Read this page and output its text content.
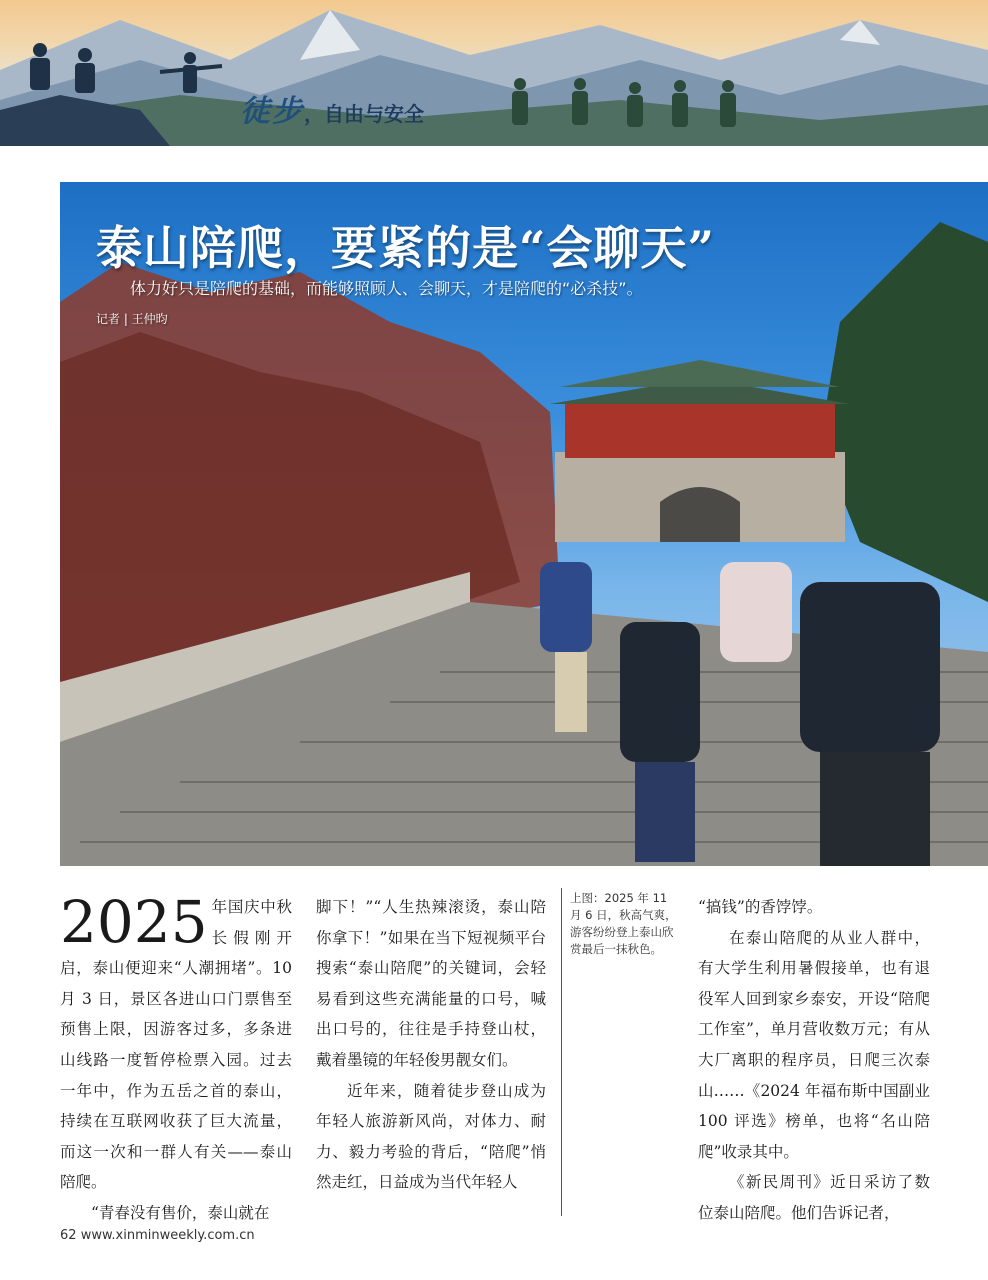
徒步，自由与安全
泰山陪爬，要紧的是“会聊天”
体力好只是陪爬的基础，而能够照顾人、会聊天，才是陪爬的“必杀技”。
记者 | 王仲昀

2025 年国庆中秋长假刚开启，泰山便迎来“人潮拥堵”。10 月 3 日，景区各进山口门票售至预售上限，因游客过多，多条进山线路一度暂停检票入园。过去一年中，作为五岳之首的泰山，持续在互联网收获了巨大流量，而这一次和一群人有关——泰山陪爬。

“青春没有售价，泰山就在

脚下！”“人生热辣滚烫，泰山陪你拿下！”如果在当下短视频平台搜索“泰山陪爬”的关键词，会轻易看到这些充满能量的口号，喊出口号的，往往是手持登山杖，戴着墨镜的年轻俊男靓女们。

近年来，随着徒步登山成为年轻人旅游新风尚，对体力、耐力、毅力考验的背后，“陪爬”悄然走红，日益成为当代年轻人

上图：2025 年 11 月 6 日，秋高气爽，游客纷纷登上泰山欣赏最后一抹秋色。

“搞钱”的香饽饽。

在泰山陪爬的从业人群中，有大学生利用暑假接单，也有退役军人回到家乡泰安，开设“陪爬工作室”，单月营收数万元；有从大厂离职的程序员，日爬三次泰山……《2024 年福布斯中国副业 100 评选》榜单，也将“名山陪爬”收录其中。

《新民周刊》近日采访了数位泰山陪爬。他们告诉记者，

62 www.xinminweekly.com.cn
